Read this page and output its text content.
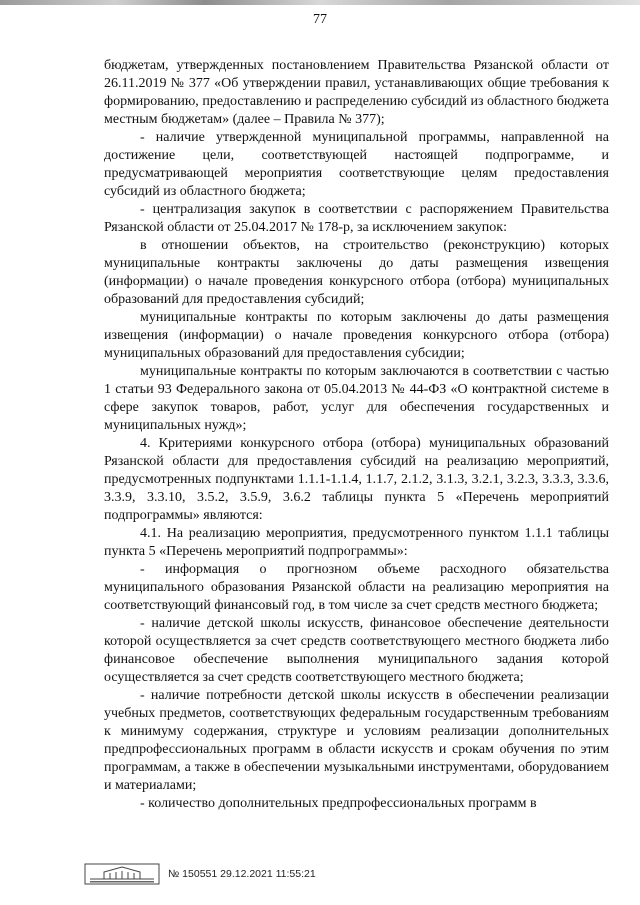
77

бюджетам, утвержденных постановлением Правительства Рязанской области от 26.11.2019 № 377 «Об утверждении правил, устанавливающих общие требования к формированию, предоставлению и распределению субсидий из областного бюджета местным бюджетам» (далее – Правила № 377);

- наличие утвержденной муниципальной программы, направленной на достижение цели, соответствующей настоящей подпрограмме, и предусматривающей мероприятия соответствующие целям предоставления субсидий из областного бюджета;

- централизация закупок в соответствии с распоряжением Правительства Рязанской области от 25.04.2017 № 178-р, за исключением закупок:

в отношении объектов, на строительство (реконструкцию) которых муниципальные контракты заключены до даты размещения извещения (информации) о начале проведения конкурсного отбора (отбора) муниципальных образований для предоставления субсидий;

муниципальные контракты по которым заключены до даты размещения извещения (информации) о начале проведения конкурсного отбора (отбора) муниципальных образований для предоставления субсидии;

муниципальные контракты по которым заключаются в соответствии с частью 1 статьи 93 Федерального закона от 05.04.2013 № 44-ФЗ «О контрактной системе в сфере закупок товаров, работ, услуг для обеспечения государственных и муниципальных нужд»;

4. Критериями конкурсного отбора (отбора) муниципальных образований Рязанской области для предоставления субсидий на реализацию мероприятий, предусмотренных подпунктами 1.1.1-1.1.4, 1.1.7, 2.1.2, 3.1.3, 3.2.1, 3.2.3, 3.3.3, 3.3.6, 3.3.9, 3.3.10, 3.5.2, 3.5.9, 3.6.2 таблицы пункта 5 «Перечень мероприятий подпрограммы» являются:

4.1. На реализацию мероприятия, предусмотренного пунктом 1.1.1 таблицы пункта 5 «Перечень мероприятий подпрограммы»:

- информация о прогнозном объеме расходного обязательства муниципального образования Рязанской области на реализацию мероприятия на соответствующий финансовый год, в том числе за счет средств местного бюджета;

- наличие детской школы искусств, финансовое обеспечение деятельности которой осуществляется за счет средств соответствующего местного бюджета либо финансовое обеспечение выполнения муниципального задания которой осуществляется за счет средств соответствующего местного бюджета;

- наличие потребности детской школы искусств в обеспечении реализации учебных предметов, соответствующих федеральным государственным требованиям к минимуму содержания, структуре и условиям реализации дополнительных предпрофессиональных программ в области искусств и срокам обучения по этим программам, а также в обеспечении музыкальными инструментами, оборудованием и материалами;

- количество дополнительных предпрофессиональных программ в

№ 150551 29.12.2021 11:55:21
